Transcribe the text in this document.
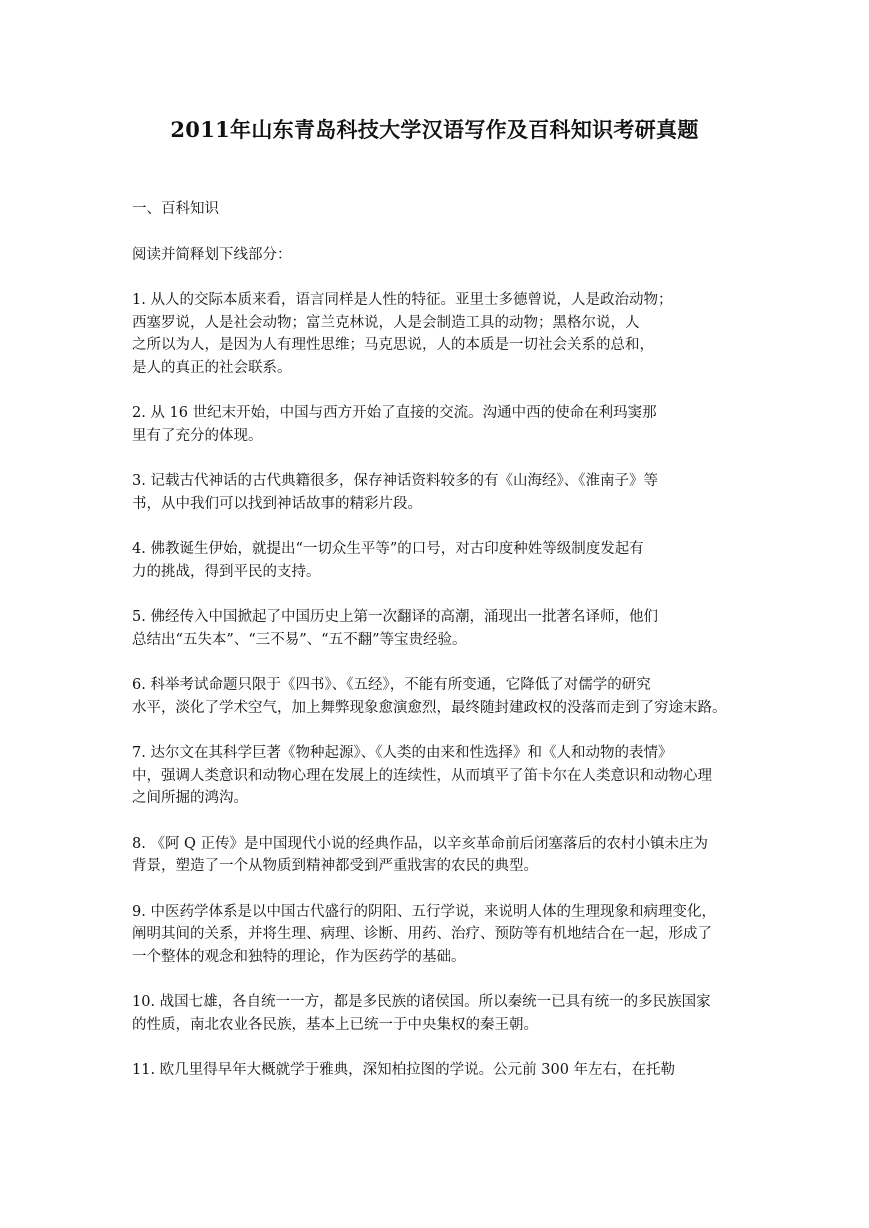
2011年山东青岛科技大学汉语写作及百科知识考研真题
一、百科知识
阅读并简释划下线部分：
1. 从人的交际本质来看，语言同样是人性的特征。亚里士多德曾说，人是政治动物；
西塞罗说，人是社会动物；富兰克林说，人是会制造工具的动物；黑格尔说，人
之所以为人，是因为人有理性思维；马克思说，人的本质是一切社会关系的总和，
是人的真正的社会联系。
2. 从 16 世纪末开始，中国与西方开始了直接的交流。沟通中西的使命在利玛窦那
里有了充分的体现。
3. 记载古代神话的古代典籍很多，保存神话资料较多的有《山海经》、《淮南子》等
书，从中我们可以找到神话故事的精彩片段。
4. 佛教诞生伊始，就提出“一切众生平等”的口号，对古印度种姓等级制度发起有
力的挑战，得到平民的支持。
5. 佛经传入中国掀起了中国历史上第一次翻译的高潮，涌现出一批著名译师，他们
总结出“五失本”、“三不易”、“五不翻”等宝贵经验。
6. 科举考试命题只限于《四书》、《五经》，不能有所变通，它降低了对儒学的研究
水平，淡化了学术空气，加上舞弊现象愈演愈烈，最终随封建政权的没落而走到了穷途末路。
7. 达尔文在其科学巨著《物种起源》、《人类的由来和性选择》和《人和动物的表情》
中，强调人类意识和动物心理在发展上的连续性，从而填平了笛卡尔在人类意识和动物心理
之间所掘的鸿沟。
8. 《阿 Q 正传》是中国现代小说的经典作品，以辛亥革命前后闭塞落后的农村小镇未庄为
背景，塑造了一个从物质到精神都受到严重戕害的农民的典型。
9. 中医药学体系是以中国古代盛行的阴阳、五行学说，来说明人体的生理现象和病理变化，
阐明其间的关系，并将生理、病理、诊断、用药、治疗、预防等有机地结合在一起，形成了
一个整体的观念和独特的理论，作为医药学的基础。
10. 战国七雄，各自统一一方，都是多民族的诸侯国。所以秦统一已具有统一的多民族国家
的性质，南北农业各民族，基本上已统一于中央集权的秦王朝。
11. 欧几里得早年大概就学于雅典，深知柏拉图的学说。公元前 300 年左右，在托勒
